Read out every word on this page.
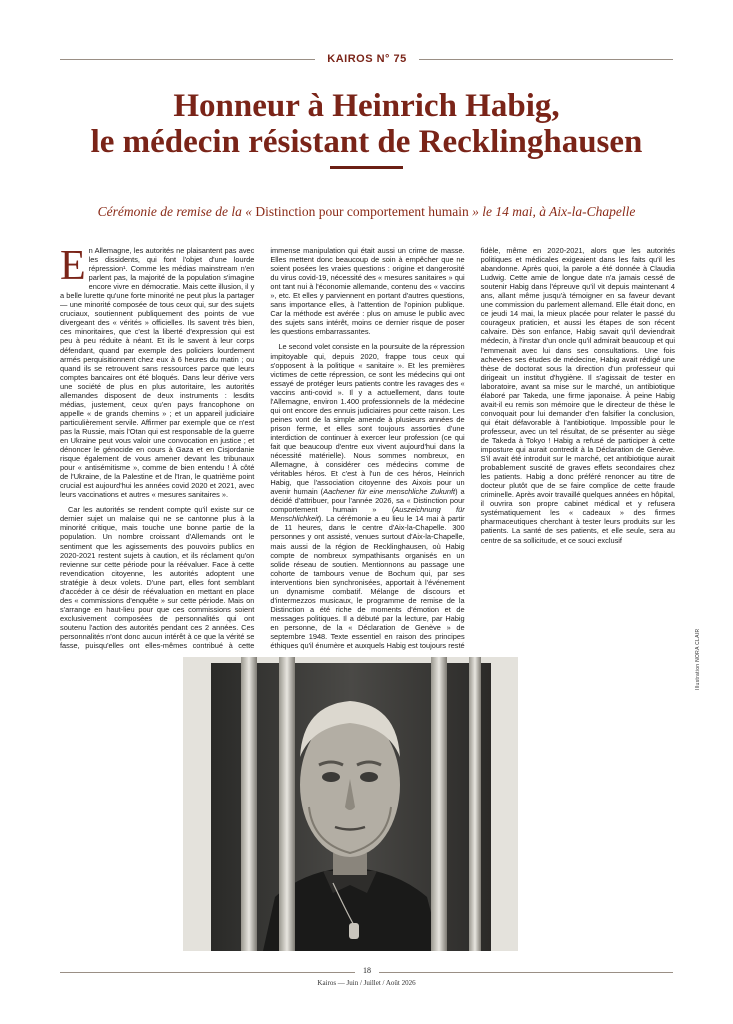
KAIROS N° 75
Honneur à Heinrich Habig,
le médecin résistant de Recklinghausen

Cérémonie de remise de la « Distinction pour comportement humain » le 14 mai, à Aix-la-Chapelle

En Allemagne, les autorités ne plaisantent pas avec les dissidents, qui font l'objet d'une lourde répression¹. Comme les médias mainstream n'en parlent pas, la majorité de la population s'imagine encore vivre en démocratie. Mais cette illusion, il y a belle lurette qu'une forte minorité ne peut plus la partager — une minorité composée de tous ceux qui, sur des sujets cruciaux, soutiennent publiquement des points de vue divergeant des « vérités » officielles. Ils savent très bien, ces minoritaires, que c'est la liberté d'expression qui est peu à peu réduite à néant. Et ils le savent à leur corps défendant, quand par exemple des policiers lourdement armés perquisitionnent chez eux à 6 heures du matin ; ou quand ils se retrouvent sans ressources parce que leurs comptes bancaires ont été bloqués. Dans leur dérive vers une société de plus en plus autoritaire, les autorités allemandes disposent de deux instruments : lesdits médias, justement, ceux qu'en pays francophone on appelle « de grands chemins » ; et un appareil judiciaire particulièrement servile. Affirmer par exemple que ce n'est pas la Russie, mais l'Otan qui est responsable de la guerre en Ukraine peut vous valoir une convocation en justice ; et dénoncer le génocide en cours à Gaza et en Cisjordanie risque également de vous amener devant les tribunaux pour « antisémitisme », comme de bien entendu ! À côté de l'Ukraine, de la Palestine et de l'Iran, le quatrième point crucial est aujourd'hui les années covid 2020 et 2021, avec leurs vaccinations et autres « mesures sanitaires ».

Car les autorités se rendent compte qu'il existe sur ce dernier sujet un malaise qui ne se cantonne plus à la minorité critique, mais touche une bonne partie de la population. Un nombre croissant d'Allemands ont le sentiment que les agissements des pouvoirs publics en 2020-2021 restent sujets à caution, et ils réclament qu'on revienne sur cette période pour la réévaluer. Face à cette revendication citoyenne, les autorités adoptent une stratégie à deux volets. D'une part, elles font semblant d'accéder à ce désir de réévaluation en mettant en place des « commissions d'enquête » sur cette période. Mais on s'arrange en haut-lieu pour que ces commissions soient exclusivement composées de personnalités qui ont soutenu l'action des autorités pendant ces 2 années. Ces personnalités n'ont donc aucun intérêt à ce que la vérité se fasse, puisqu'elles ont elles-mêmes contribué à cette immense manipulation qui était aussi un crime de masse. Elles mettent donc beaucoup de soin à empêcher que ne soient posées les vraies questions : origine et dangerosité du virus covid-19, nécessité des « mesures sanitaires » qui ont tant nui à l'économie allemande, contenu des « vaccins », etc. Et elles y parviennent en portant d'autres questions, sans importance elles, à l'attention de l'opinion publique. Car la méthode est avérée : plus on amuse le public avec des sujets sans intérêt, moins ce dernier risque de poser les questions embarrassantes.

Le second volet consiste en la poursuite de la répression impitoyable qui, depuis 2020, frappe tous ceux qui s'opposent à la politique « sanitaire ». Et les premières victimes de cette répression, ce sont les médecins qui ont essayé de protéger leurs patients contre les ravages des « vaccins anti-covid ». Il y a actuellement, dans toute l'Allemagne, environ 1.400 professionnels de la médecine qui ont encore des ennuis judiciaires pour cette raison. Les peines vont de la simple amende à plusieurs années de prison ferme, et elles sont toujours assorties d'une interdiction de continuer à exercer leur profession (ce qui fait que beaucoup d'entre eux vivent aujourd'hui dans la nécessité matérielle). Nous sommes nombreux, en Allemagne, à considérer ces médecins comme de véritables héros. Et c'est à l'un de ces héros, Heinrich Habig, que l'association citoyenne des Aixois pour un avenir humain (Aachener für eine menschliche Zukunft) a décidé d'attribuer, pour l'année 2026, sa « Distinction pour comportement humain » (Auszeichnung für Menschlichkeit). La cérémonie a eu lieu le 14 mai à partir de 11 heures, dans le centre d'Aix-la-Chapelle. 300 personnes y ont assisté, venues surtout d'Aix-la-Chapelle, mais aussi de la région de Recklinghausen, où Habig compte de nombreux sympathisants organisés en un solide réseau de soutien. Mentionnons au passage une cohorte de tambours venue de Bochum qui, par ses interventions bien synchronisées, apportait à l'événement un dynamisme combatif. Mélange de discours et d'intermezzos musicaux, le programme de remise de la Distinction a été riche de moments d'émotion et de messages politiques. Il a débuté par la lecture, par Habig en personne, de la « Déclaration de Genève » de septembre 1948. Texte essentiel en raison des principes éthiques qu'il énumère et auxquels Habig est toujours resté fidèle, même en 2020-2021, alors que les autorités politiques et médicales exigeaient dans les faits qu'il les abandonne. Après quoi, la parole a été donnée à Claudia Ludwig. Cette amie de longue date n'a jamais cessé de soutenir Habig dans l'épreuve qu'il vit depuis maintenant 4 ans, allant même jusqu'à témoigner en sa faveur devant une commission du parlement allemand. Elle était donc, en ce jeudi 14 mai, la mieux placée pour relater le passé du courageux praticien, et aussi les étapes de son récent calvaire. Dès son enfance, Habig savait qu'il deviendrait médecin, à l'instar d'un oncle qu'il admirait beaucoup et qui l'emmenait avec lui dans ses consultations. Une fois achevées ses études de médecine, Habig avait rédigé une thèse de doctorat sous la direction d'un professeur qui dirigeait un institut d'hygiène. Il s'agissait de tester en laboratoire, avant sa mise sur le marché, un antibiotique élaboré par Takeda, une firme japonaise. À peine Habig avait-il eu remis son mémoire que le directeur de thèse le convoquait pour lui demander d'en falsifier la conclusion, qui était défavorable à l'antibiotique. Impossible pour le professeur, avec un tel résultat, de se présenter au siège de Takeda à Tokyo ! Habig a refusé de participer à cette imposture qui aurait contredit à la Déclaration de Genève. S'il avait été introduit sur le marché, cet antibiotique aurait probablement suscité de graves effets secondaires chez les patients. Habig a donc préféré renoncer au titre de docteur plutôt que de se faire complice de cette fraude criminelle. Après avoir travaillé quelques années en hôpital, il ouvrira son propre cabinet médical et y refusera systématiquement les « cadeaux » des firmes pharmaceutiques cherchant à tester leurs produits sur les patients. La santé de ses patients, et elle seule, sera au centre de sa sollicitude, et ce souci exclusif

Illustration NORA CLAIR
18
Kairos — Juin / Juillet / Août 2026
